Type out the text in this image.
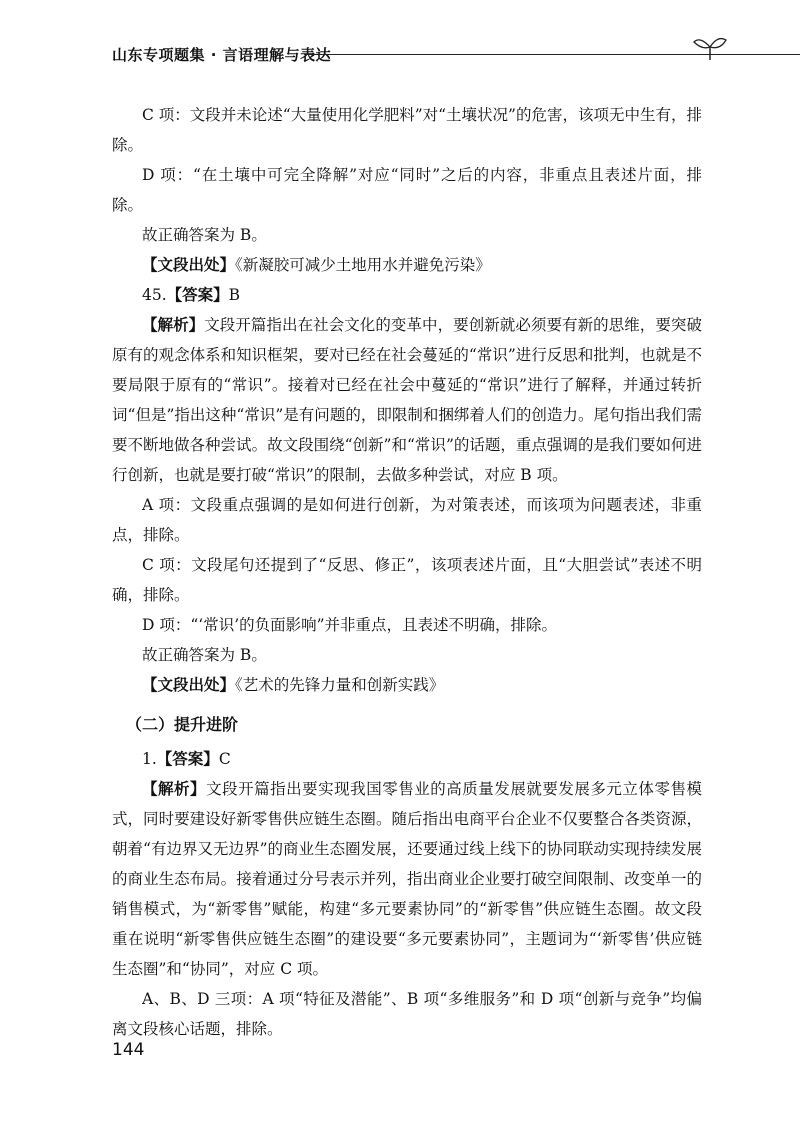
山东专项题集 · 言语理解与表达

C 项：文段并未论述“大量使用化学肥料”对“土壤状况”的危害，该项无中生有，排除。

D 项：“在土壤中可完全降解”对应“同时”之后的内容，非重点且表述片面，排除。

故正确答案为 B。

【文段出处】《新凝胶可减少土地用水并避免污染》

45.【答案】B

【解析】文段开篇指出在社会文化的变革中，要创新就必须要有新的思维，要突破原有的观念体系和知识框架，要对已经在社会蔓延的“常识”进行反思和批判，也就是不要局限于原有的“常识”。接着对已经在社会中蔓延的“常识”进行了解释，并通过转折词“但是”指出这种“常识”是有问题的，即限制和捆绑着人们的创造力。尾句指出我们需要不断地做各种尝试。故文段围绕“创新”和“常识”的话题，重点强调的是我们要如何进行创新，也就是要打破“常识”的限制，去做多种尝试，对应 B 项。

A 项：文段重点强调的是如何进行创新，为对策表述，而该项为问题表述，非重点，排除。

C 项：文段尾句还提到了“反思、修正”，该项表述片面，且“大胆尝试”表述不明确，排除。

D 项：“‘常识’的负面影响”并非重点，且表述不明确，排除。

故正确答案为 B。

【文段出处】《艺术的先锋力量和创新实践》

（二）提升进阶

1.【答案】C

【解析】文段开篇指出要实现我国零售业的高质量发展就要发展多元立体零售模式，同时要建设好新零售供应链生态圈。随后指出电商平台企业不仅要整合各类资源，朝着“有边界又无边界”的商业生态圈发展，还要通过线上线下的协同联动实现持续发展的商业生态布局。接着通过分号表示并列，指出商业企业要打破空间限制、改变单一的销售模式，为“新零售”赋能，构建“多元要素协同”的“新零售”供应链生态圈。故文段重在说明“新零售供应链生态圈”的建设要“多元要素协同”，主题词为“‘新零售’供应链生态圈”和“协同”，对应 C 项。

A、B、D 三项：A 项“特征及潜能”、B 项“多维服务”和 D 项“创新与竞争”均偏离文段核心话题，排除。

144
